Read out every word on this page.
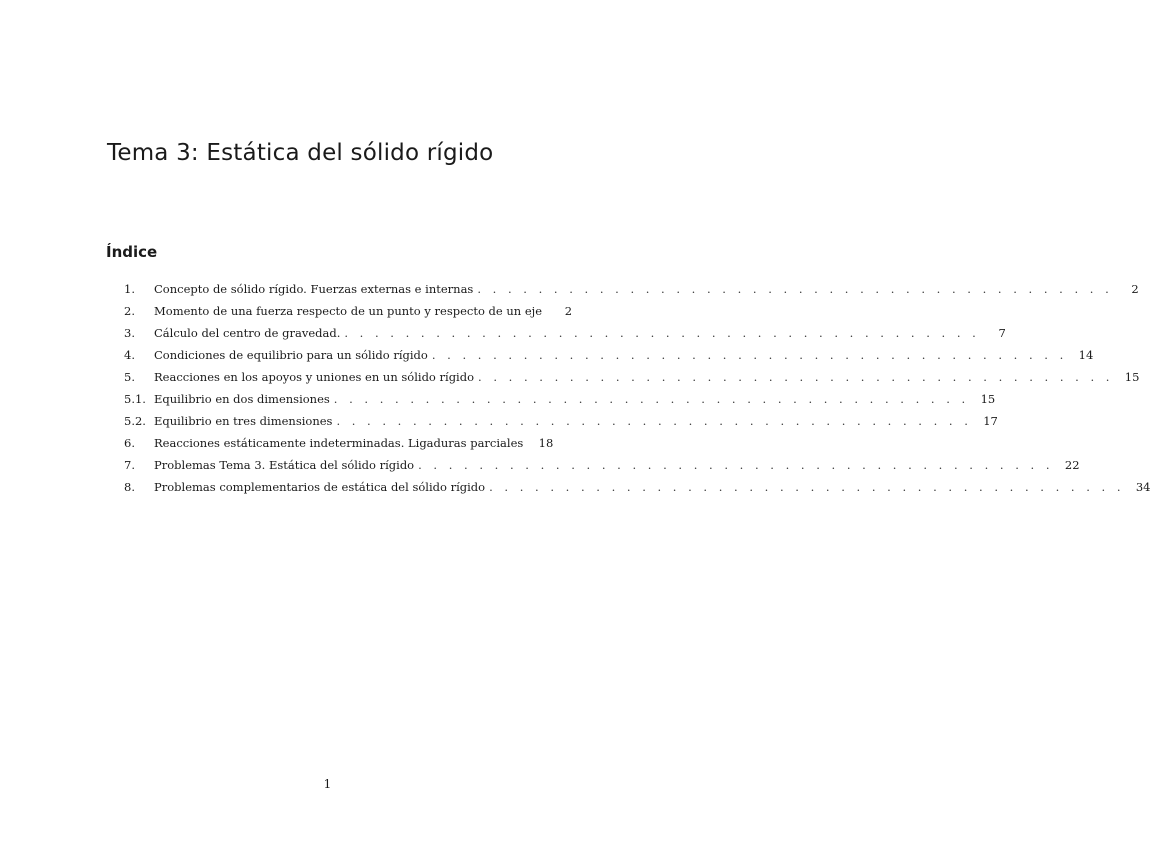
Tema 3: Estática del sólido rígido
Índice
1.	Concepto de sólido rígido. Fuerzas externas e internas . . . . . . . . . . . . . . . . . . . . . . . . . . . . . . . . . . . . . . . . . .	2
2.	Momento de una fuerza respecto de un punto y respecto de un eje	2
3.	Cálculo del centro de gravedad. . . . . . . . . . . . . . . . . . . . . . . . . . . . . . . . . . . . . . . . . . .	7
4.	Condiciones de equilibrio para un sólido rígido . . . . . . . . . . . . . . . . . . . . . . . . . . . . . . . . . . . . . . . . . . 14
5.	Reacciones en los apoyos y uniones en un sólido rígido . . . . . . . . . . . . . . . . . . . . . . . . . . . . . . . . . . . . . . . . . . 15
5.1. Equilibrio en dos dimensiones . . . . . . . . . . . . . . . . . . . . . . . . . . . . . . . . . . . . . . . . . . 15
5.2. Equilibrio en tres dimensiones . . . . . . . . . . . . . . . . . . . . . . . . . . . . . . . . . . . . . . . . . . 17
6.	Reacciones estáticamente indeterminadas. Ligaduras parciales	18
7.	Problemas Tema 3. Estática del sólido rígido . . . . . . . . . . . . . . . . . . . . . . . . . . . . . . . . . . . . . . . . . . 22
8.	Problemas complementarios de estática del sólido rígido . . . . . . . . . . . . . . . . . . . . . . . . . . . . . . . . . . . . . . . . . . 34
1
